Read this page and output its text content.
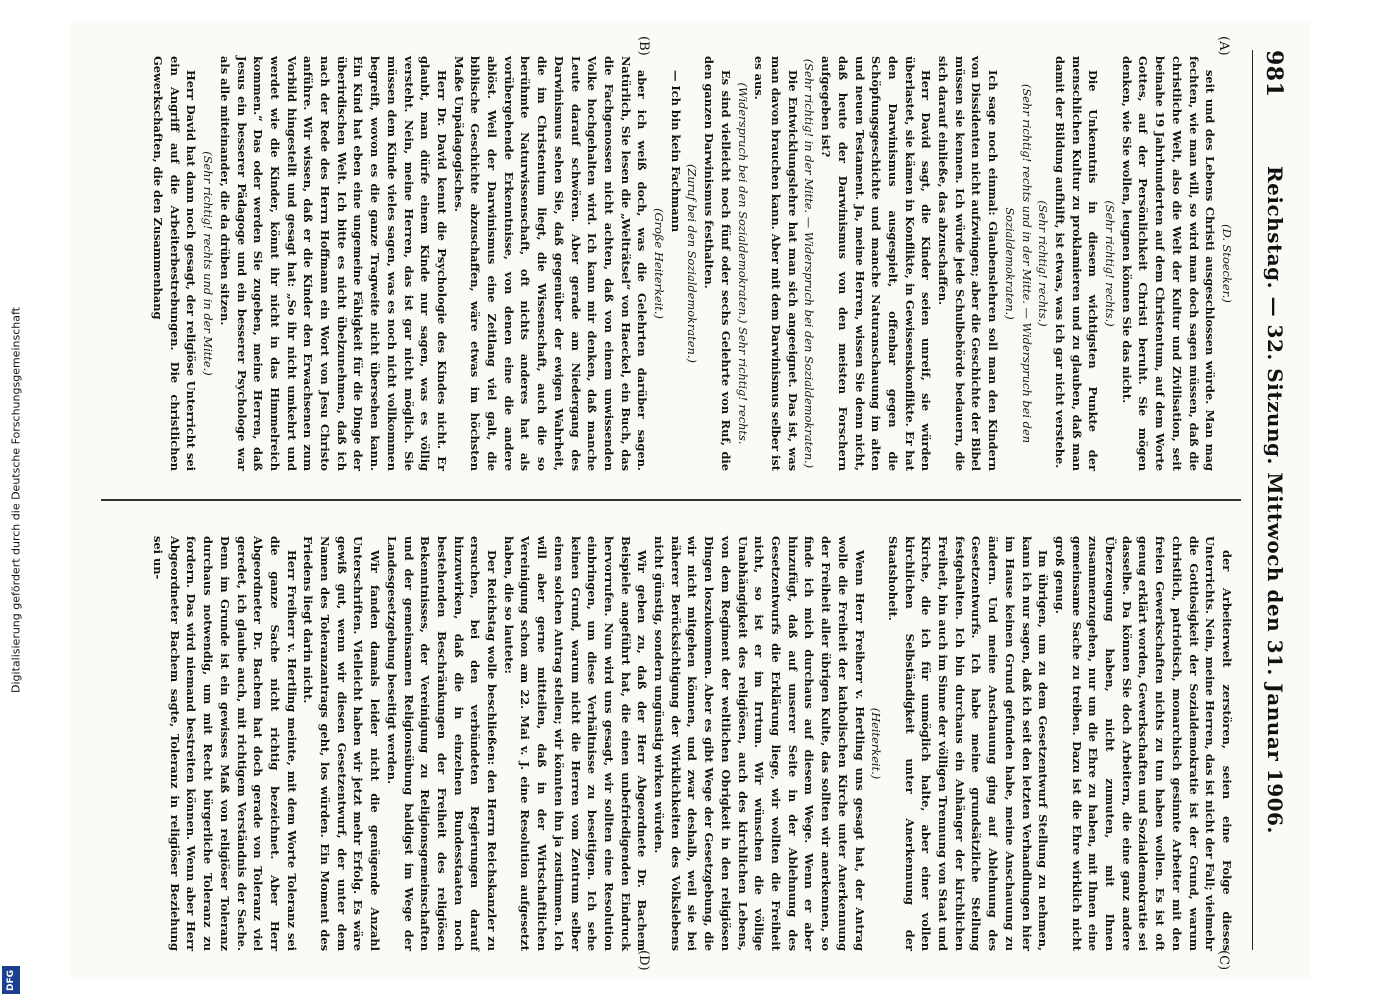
981
Reichstag. — 32. Sitzung. Mittwoch den 31. Januar 1906.
(A)
(B)
(C)
(D)

(D. Stoecker.)

seit und des Lebens Christi ausgeschlossen würde. Man mag fechten, wie man will, so wird man doch sagen müssen, daß die christliche Welt, also die Welt der Kultur und Zivilisation, seit beinahe 19 Jahrhunderten auf dem Christentum, auf dem Worte Gottes, auf der Persönlichkeit Christi beruht. Sie mögen denken, wie Sie wollen, leugnen können Sie das nicht.

(Sehr richtig! rechts.)

Die Unkenntnis in diesem wichtigsten Punkte der menschlichen Kultur zu proklamieren und zu glauben, daß man damit der Bildung aufhilft, ist etwas, was ich gar nicht verstehe.

(Sehr richtig! rechts.)

(Sehr richtig! rechts und in der Mitte. — Widerspruch bei den Sozialdemokraten.)

Ich sage noch einmal: Glaubenslehren soll man den Kindern von Dissidenten nicht aufzwingen; aber die Geschichte der Bibel müssen sie kennen. Ich würde jede Schulbehörde bedauern, die sich darauf einließe, das abzuschaffen.

Herr David sagt, die Kinder seien unreif, sie würden überlastet, sie kämen in Konflikte, in Gewissenskonflikte. Er hat den Darwinismus ausgespielt, offenbar gegen die Schöpfungsgeschichte und manche Naturanschauung im alten und neuen Testament. Ja, meine Herren, wissen Sie denn nicht, daß heute der Darwinismus von den meisten Forschern aufgegeben ist?

(Sehr richtig! in der Mitte. — Widerspruch bei den Sozialdemokraten.)

Die Entwicklungslehre hat man sich angeeignet. Das ist, was man davon brauchen kann. Aber mit dem Darwinismus selber ist es aus.

(Widerspruch bei den Sozialdemokraten.) Sehr richtig! rechts.

Es sind vielleicht noch fünf oder sechs Gelehrte von Ruf, die den ganzen Darwinismus festhalten.

(Zuruf bei den Sozialdemokraten.)

— Ich bin kein Fachmann

(Große Heiterkeit.)

aber ich weiß doch, was die Gelehrten darüber sagen. Natürlich, Sie lesen die „Welträtsel“ von Haeckel, ein Buch, das die Fachgenossen nicht achten, daß von einem unwissenden Volke hochgehalten wird. Ich kann mir denken, daß manche Leute darauf schwören. Aber gerade am Niedergang des Darwinismus sehen Sie, daß gegenüber der ewigen Wahrheit, die im Christentum liegt, die Wissenschaft, auch die so berühmte Naturwissenschaft, oft nichts anderes hat als vorübergehende Erkenntnisse, von denen eine die andere ablöst. Weil der Darwinismus eine Zeitlang viel galt, die biblische Geschichte abzuschaffen, wäre etwas im höchsten Maße Unpädagogisches.

Herr Dr. David kennt die Psychologie des Kindes nicht. Er glaubt, man dürfe einem Kinde nur sagen, was es völlig versteht. Nein, meine Herren, das ist gar nicht möglich. Sie müssen dem Kinde vieles sagen, was es noch nicht vollkommen begreift, wovon es die ganze Tragweite nicht übersehen kann. Ein Kind hat eben eine ungemeine Fähigkeit für die Dinge der überirdischen Welt. Ich bitte es nicht übelzunehmen, daß ich nach der Rede des Herrn Hoffmann ein Wort von Jesu Christo anführe. Wir wissen, daß er die Kinder den Erwachsenen zum Vorbild hingestellt und gesagt hat: „So ihr nicht umkehrt und werdet wie die Kinder, könnt ihr nicht in das Himmelreich kommen.“ Das oder werden Sie zugeben, meine Herren, daß Jesus ein besserer Pädagoge und ein besserer Psychologe war als alle miteinander, die da drüben sitzen.

(Sehr richtig! rechts und in der Mitte.)

Herr David hat dann noch gesagt, der religiöse Unterricht sei ein Angriff auf die Arbeiterbestrebungen. Die christlichen Gewerkschaften, die den Zusammenhang

der Arbeiterwelt zerstören, seien eine Folge dieses Unterrichts. Nein, meine Herren, das ist nicht der Fall; vielmehr die Gottlosigkeit der Sozialdemokratie ist der Grund, warum christlich, patriotisch, monarchisch gesinnte Arbeiter mit den freien Gewerkschaften nichts zu tun haben wollen. Es ist oft genug erklärt worden, Gewerkschaften und Sozialdemokratie sei dasselbe. Da können Sie doch Arbeitern, die eine ganz andere Überzeugung haben, nicht zumuten, mit Ihnen zusammenzugehen, nur um die Ehre zu haben, mit Ihnen eine gemeinsame Sache zu treiben. Dazu ist die Ehre wirklich nicht groß genug.

Im übrigen, um zu dem Gesetzentwurf Stellung zu nehmen, kann ich nur sagen, daß ich seit den letzten Verhandlungen hier im Hause keinen Grund gefunden habe, meine Anschauung zu ändern. Und meine Anschauung ging auf Ablehnung des Gesetzentwurfs. Ich habe meine grundsätzliche Stellung festgehalten. Ich bin durchaus ein Anhänger der kirchlichen Freiheit, bin auch im Sinne der völligen Trennung von Staat und Kirche, die ich für unmöglich halte, aber einer vollen kirchlichen Selbständigkeit unter Anerkennung der Staatshoheit.

(Heiterkeit.)

Wenn Herr Freiherr v. Hertling uns gesagt hat, der Antrag wolle die Freiheit der katholischen Kirche unter Anerkennung der Freiheit aller übrigen Kulte, das sollten wir anerkennen, so finde ich mich durchaus auf diesem Wege. Wenn er aber hinzufügt, daß auf unserer Seite in der Ablehnung des Gesetzentwurfs die Erklärung liege, wir wollten die Freiheit nicht, so ist er im Irrtum. Wir wünschen die völlige Unabhängigkeit des religiösen, auch des kirchlichen Lebens, von dem Regiment der weltlichen Obrigkeit in den religiösen Dingen loszukommen. Aber es gibt Wege der Gesetzgebung, die wir nicht mitgehen können, und zwar deshalb, weil sie bei näherer Berücksichtigung der Wirklichkeiten des Volkslebens nicht günstig, sondern ungünstig wirken würden.

Wir geben zu, daß der Herr Abgeordnete Dr. Bachem Beispiele angeführt hat, die einen unbefriedigenden Eindruck hervorrufen. Nun wird uns gesagt, wir sollten eine Resolution einbringen, um diese Verhältnisse zu beseitigen. Ich sehe keinen Grund, warum nicht die Herren vom Zentrum selber einen solchen Antrag stellen; wir könnten ihn ja zustimmen. Ich will aber gerne mitteilen, daß in der Wirtschaftlichen Vereinigung schon am 22. Mai v. J. eine Resolution aufgesetzt haben, die so lautete:

Der Reichstag wolle beschließen: den Herrn Reichskanzler zu ersuchen, bei den verbündeten Regierungen darauf hinzuwirken, daß die in einzelnen Bundesstaaten noch bestehenden Beschränkungen der Freiheit des religiösen Bekenntnisses, der Vereinigung zu Religionsgemeinschaften und der gemeinsamen Religionsübung baldigst im Wege der Landesgesetzgebung beseitigt werden.

Wir fanden damals leider nicht die genügende Anzahl Unterschriften. Vielleicht haben wir jetzt mehr Erfolg. Es wäre gewiß gut, wenn wir diesen Gesetzentwurf, der unter dem Namen des Toleranzantrags geht, los würden. Ein Moment des Friedens liegt darin nicht.

Herr Freiherr v. Hertling meinte, mit dem Worte Toleranz sei die ganze Sache nicht richtig bezeichnet. Aber Herr Abgeordneter Dr. Bachem hat doch gerade von Toleranz viel geredet, ich glaube auch, mit richtigem Verständnis der Sache. Denn im Grunde ist ein gewisses Maß von religiöser Toleranz durchaus notwendig, um mit Recht bürgerliche Toleranz zu fordern. Das wird niemand bestreiten können. Wenn aber Herr Abgeordneter Bachem sagte, Toleranz in religiöser Beziehung sei un-

Digitalisierung gefördert durch die Deutsche Forschungsgemeinschaft
DFG
